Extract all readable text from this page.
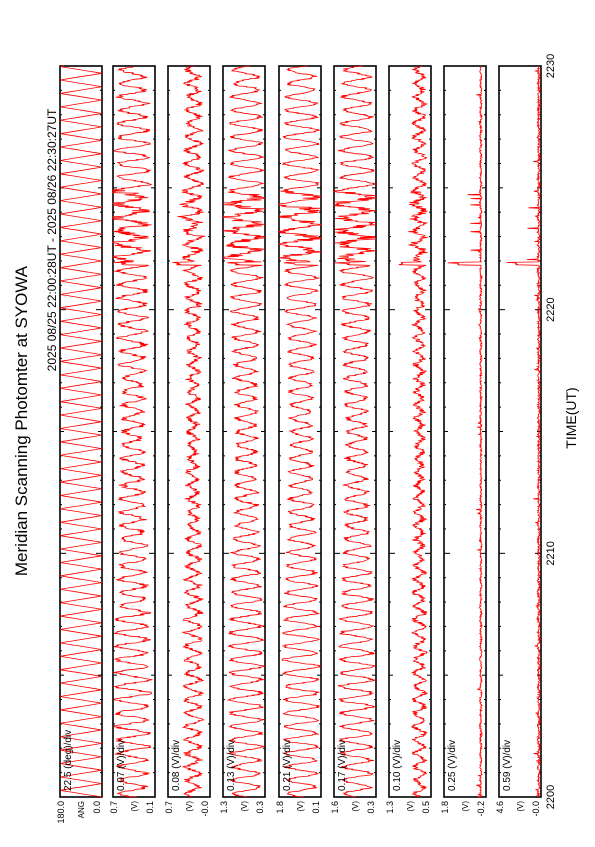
Meridian Scanning Photomter at SYOWA
2025 08/25 22:00:28UT - 2025 08/26 22:30:27UT
TIME(UT)
22.5 (deg)/div
180.0	0.0
ANG
0.07 (V)/div
0.7	0.1
(V)
0.08 (V)/div
0.7	-0.0
(V)
0.13 (V)/div
1.3	0.3
(V)
0.21 (V)/div
1.8	0.1
(V)
0.17 (V)/div
1.6	0.3
(V)
0.10 (V)/div
1.3	0.5
(V)
0.25 (V)/div
1.8	-0.2
(V)
0.59 (V)/div
4.6	-0.0
(V) 2200
2210
2220
2230
